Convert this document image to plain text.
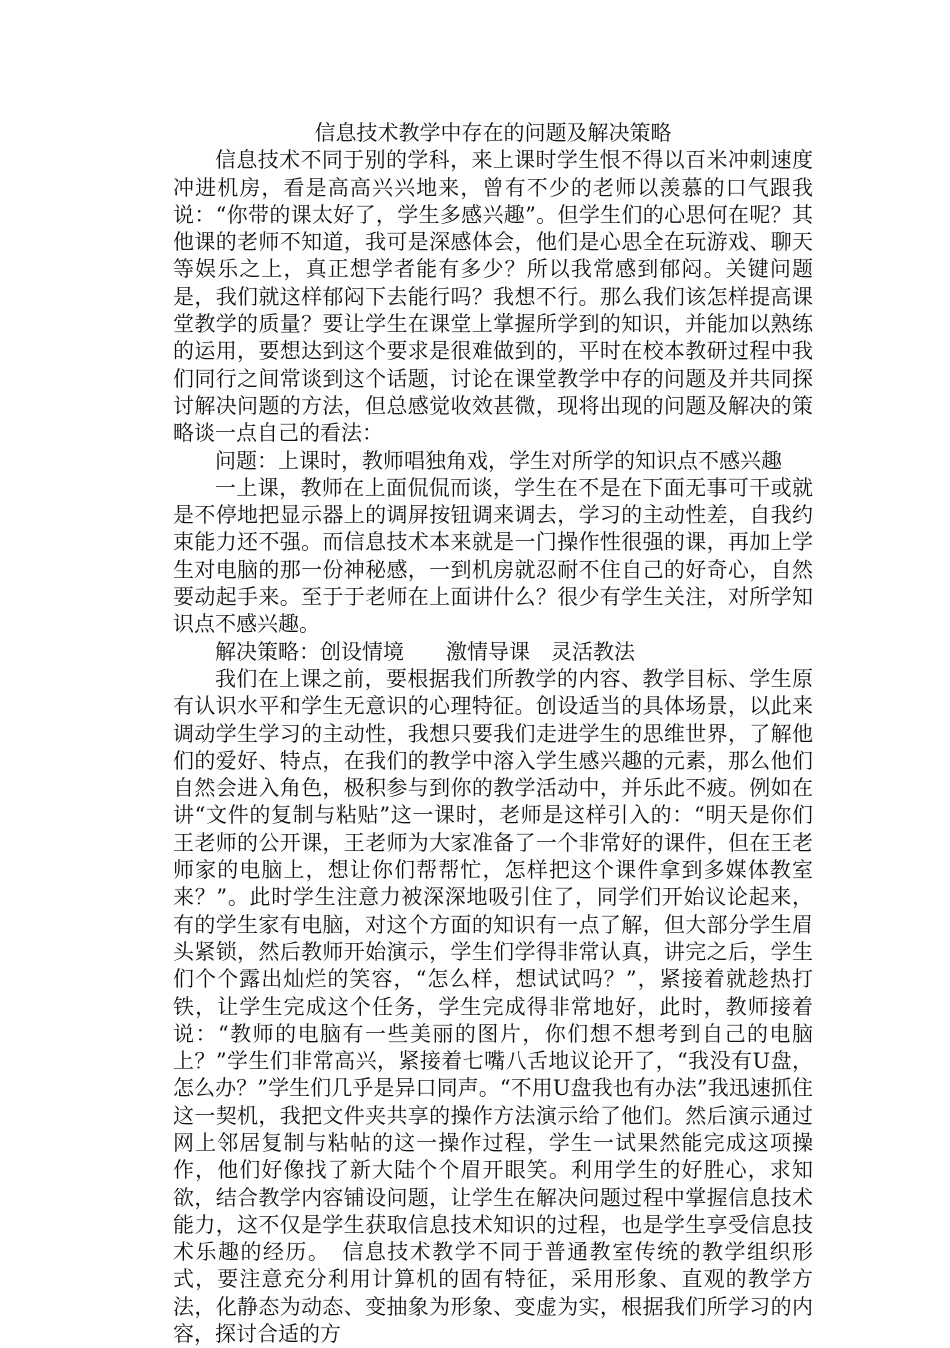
信息技术教学中存在的问题及解决策略

信息技术不同于别的学科，来上课时学生恨不得以百米冲刺速度冲进机房，看是高高兴兴地来，曾有不少的老师以羡慕的口气跟我说：“你带的课太好了，学生多感兴趣”。但学生们的心思何在呢？其他课的老师不知道，我可是深感体会，他们是心思全在玩游戏、聊天等娱乐之上，真正想学者能有多少？所以我常感到郁闷。关键问题是，我们就这样郁闷下去能行吗？我想不行。那么我们该怎样提高课堂教学的质量？要让学生在课堂上掌握所学到的知识，并能加以熟练的运用，要想达到这个要求是很难做到的，平时在校本教研过程中我们同行之间常谈到这个话题，讨论在课堂教学中存的问题及并共同探讨解决问题的方法，但总感觉收效甚微，现将出现的问题及解决的策略谈一点自己的看法：

问题：上课时，教师唱独角戏，学生对所学的知识点不感兴趣

一上课，教师在上面侃侃而谈，学生在不是在下面无事可干或就是不停地把显示器上的调屏按钮调来调去，学习的主动性差，自我约束能力还不强。而信息技术本来就是一门操作性很强的课，再加上学生对电脑的那一份神秘感，一到机房就忍耐不住自己的好奇心，自然要动起手来。至于于老师在上面讲什么？很少有学生关注，对所学知识点不感兴趣。

解决策略：创设情境　　激情导课　灵活教法

我们在上课之前，要根据我们所教学的内容、教学目标、学生原有认识水平和学生无意识的心理特征。创设适当的具体场景，以此来调动学生学习的主动性，我想只要我们走进学生的思维世界，了解他们的爱好、特点，在我们的教学中溶入学生感兴趣的元素，那么他们自然会进入角色，极积参与到你的教学活动中，并乐此不疲。例如在讲“文件的复制与粘贴”这一课时，老师是这样引入的：“明天是你们王老师的公开课，王老师为大家准备了一个非常好的课件，但在王老师家的电脑上，想让你们帮帮忙，怎样把这个课件拿到多媒体教室来？”。此时学生注意力被深深地吸引住了，同学们开始议论起来，有的学生家有电脑，对这个方面的知识有一点了解，但大部分学生眉头紧锁，然后教师开始演示，学生们学得非常认真，讲完之后，学生们个个露出灿烂的笑容，“怎么样，想试试吗？”，紧接着就趁热打铁，让学生完成这个任务，学生完成得非常地好，此时，教师接着说：“教师的电脑有一些美丽的图片，你们想不想考到自己的电脑上？”学生们非常高兴，紧接着七嘴八舌地议论开了，“我没有U盘，怎么办？”学生们几乎是异口同声。“不用U盘我也有办法”我迅速抓住这一契机，我把文件夹共享的操作方法演示给了他们。然后演示通过网上邻居复制与粘帖的这一操作过程，学生一试果然能完成这项操作，他们好像找了新大陆个个眉开眼笑。利用学生的好胜心，求知欲，结合教学内容铺设问题，让学生在解决问题过程中掌握信息技术能力，这不仅是学生获取信息技术知识的过程，也是学生享受信息技术乐趣的经历。　信息技术教学不同于普通教室传统的教学组织形式，要注意充分利用计算机的固有特征，采用形象、直观的教学方法，化静态为动态、变抽象为形象、变虚为实，根据我们所学习的内容，探讨合适的方
